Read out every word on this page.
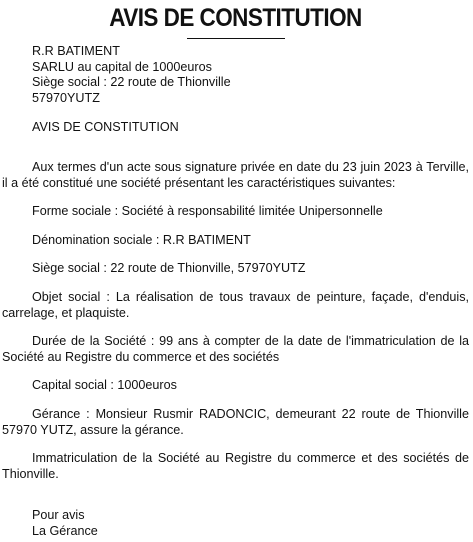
AVIS DE CONSTITUTION
R.R BATIMENT
SARLU au capital de 1000euros
Siège social : 22 route de Thionville
57970YUTZ
AVIS DE CONSTITUTION

Aux termes d'un acte sous signature privée en date du 23 juin 2023 à Terville, il a été constitué une société présentant les caractéristiques suivantes:

Forme sociale : Société à responsabilité limitée Unipersonnelle

Dénomination sociale : R.R BATIMENT

Siège social : 22 route de Thionville, 57970YUTZ

Objet social : La réalisation de tous travaux de peinture, façade, d'enduis, carrelage, et plaquiste.

Durée de la Société : 99 ans à compter de la date de l'immatriculation de la Société au Registre du commerce et des sociétés

Capital social : 1000euros

Gérance : Monsieur Rusmir RADONCIC, demeurant 22 route de Thionville 57970 YUTZ, assure la gérance.

Immatriculation de la Société au Registre du commerce et des sociétés de Thionville.

Pour avis
La Gérance
